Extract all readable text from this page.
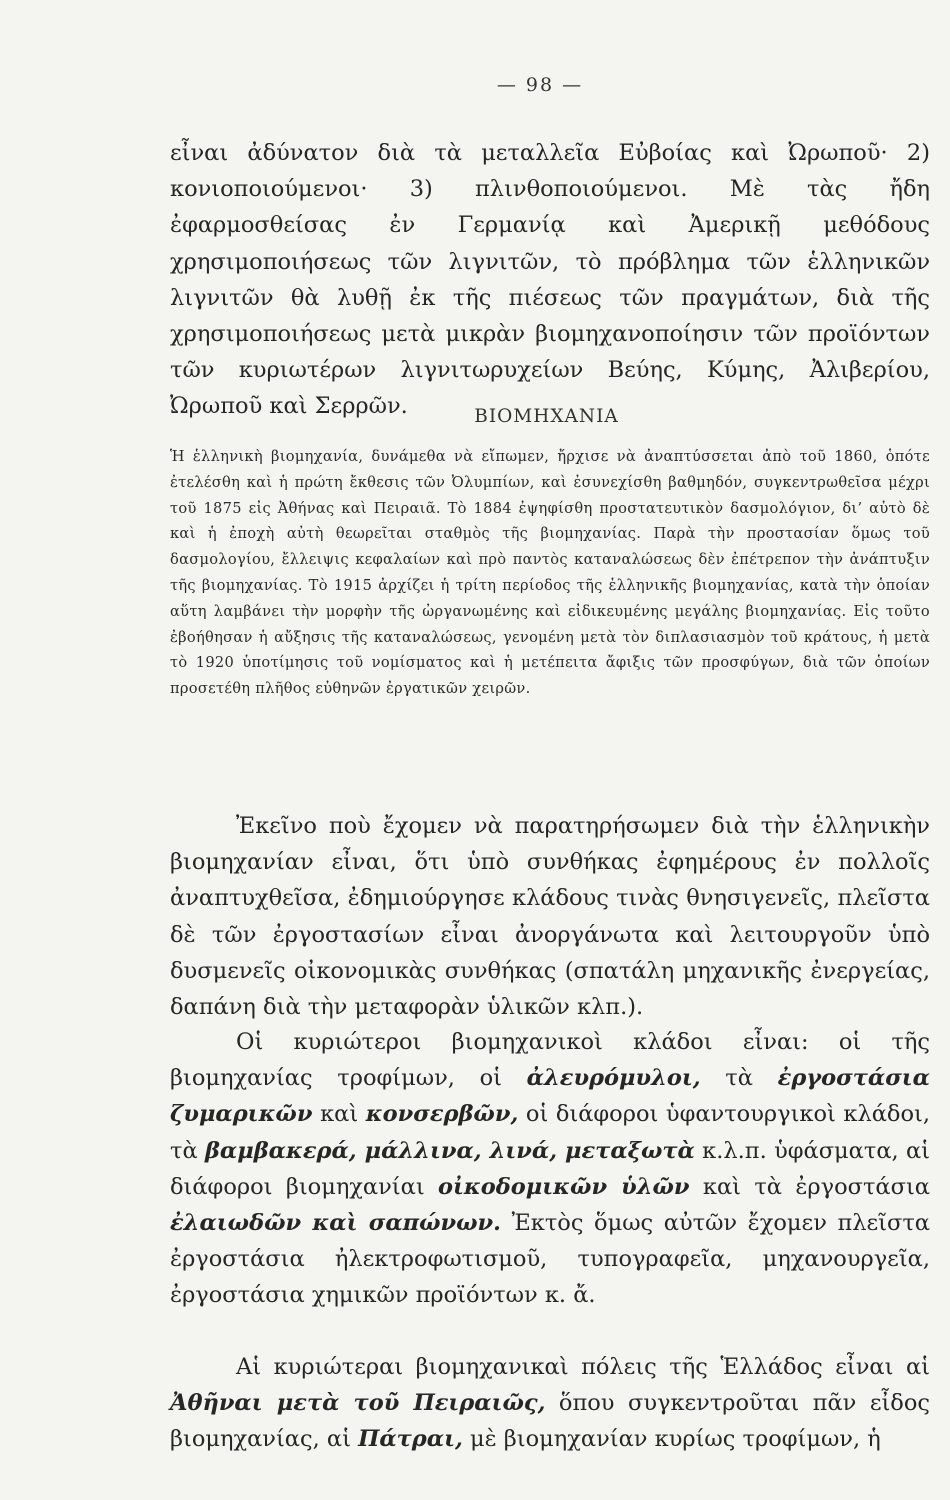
— 98 —

εἶναι ἀδύνατον διὰ τὰ μεταλλεῖα Εὐβοίας καὶ Ὠρωποῦ· 2) κονιοποιούμενοι· 3) πλινθοποιούμενοι. Μὲ τὰς ἤδη ἐφαρμοσθείσας ἐν Γερμανίᾳ καὶ Ἀμερικῇ μεθόδους χρησιμοποιήσεως τῶν λιγνιτῶν, τὸ πρόβλημα τῶν ἑλληνικῶν λιγνιτῶν θὰ λυθῇ ἐκ τῆς πιέσεως τῶν πραγμάτων, διὰ τῆς χρησιμοποιήσεως μετὰ μικρὰν βιομηχανοποίησιν τῶν προϊόντων τῶν κυριωτέρων λιγνιτωρυχείων Βεύης, Κύμης, Ἀλιβερίου, Ὠρωποῦ καὶ Σερρῶν.	ΒΙΟΜΗΧΑΝΙΑ

Ἡ ἑλληνικὴ βιομηχανία, δυνάμεθα νὰ εἴπωμεν, ἤρχισε νὰ ἀναπτύσσεται ἀπὸ τοῦ 1860, ὁπότε ἐτελέσθη καὶ ἡ πρώτη ἔκθεσις τῶν Ὀλυμπίων, καὶ ἐσυνεχίσθη βαθμηδόν, συγκεντρωθεῖσα μέχρι τοῦ 1875 εἰς Ἀθήνας καὶ Πειραιᾶ. Τὸ 1884 ἐψηφίσθη προστατευτικὸν δασμολόγιον, δι’ αὐτὸ δὲ καὶ ἡ ἐποχὴ αὐτὴ θεωρεῖται σταθμὸς τῆς βιομηχανίας. Παρὰ τὴν προστασίαν ὅμως τοῦ δασμολογίου, ἔλλειψις κεφαλαίων καὶ πρὸ παντὸς καταναλώσεως δὲν ἐπέτρεπον τὴν ἀνάπτυξιν τῆς βιομηχανίας. Τὸ 1915 ἀρχίζει ἡ τρίτη περίοδος τῆς ἑλληνικῆς βιομηχανίας, κατὰ τὴν ὁποίαν αὕτη λαμβάνει τὴν μορφὴν τῆς ὠργανωμένης καὶ εἰδικευμένης μεγάλης βιομηχανίας. Εἰς τοῦτο ἐβοήθησαν ἡ αὔξησις τῆς καταναλώσεως, γενομένη μετὰ τὸν διπλασιασμὸν τοῦ κράτους, ἡ μετὰ τὸ 1920 ὑποτίμησις τοῦ νομίσματος καὶ ἡ μετέπειτα ἄφιξις τῶν προσφύγων, διὰ τῶν ὁποίων προσετέθη πλῆθος εὐθηνῶν ἐργατικῶν χειρῶν.

Ἐκεῖνο ποὺ ἔχομεν νὰ παρατηρήσωμεν διὰ τὴν ἑλληνικὴν βιομηχανίαν εἶναι, ὅτι ὑπὸ συνθήκας ἐφημέρους ἐν πολλοῖς ἀναπτυχθεῖσα, ἐδημιούργησε κλάδους τινὰς θνησιγενεῖς, πλεῖστα δὲ τῶν ἐργοστασίων εἶναι ἀνοργάνωτα καὶ λειτουργοῦν ὑπὸ δυσμενεῖς οἰκονομικὰς συνθήκας (σπατάλη μηχανικῆς ἐνεργείας, δαπάνη διὰ τὴν μεταφορὰν ὑλικῶν κλπ.).

Οἱ κυριώτεροι βιομηχανικοὶ κλάδοι εἶναι: οἱ τῆς βιομηχανίας τροφίμων, οἱ ἀλευρόμυλοι, τὰ ἐργοστάσια ζυμαρικῶν καὶ κονσερβῶν, οἱ διάφοροι ὑφαντουργικοὶ κλάδοι, τὰ βαμβακερά, μάλλινα, λινά, μεταξωτὰ κ.λ.π. ὑφάσματα, αἱ διάφοροι βιομηχανίαι οἰκοδομικῶν ὑλῶν καὶ τὰ ἐργοστάσια ἐλαιωδῶν καὶ σαπώνων. Ἐκτὸς ὅμως αὐτῶν ἔχομεν πλεῖστα ἐργοστάσια ἠλεκτροφωτισμοῦ, τυπογραφεῖα, μηχανουργεῖα, ἐργοστάσια χημικῶν προϊόντων κ. ἄ.

Αἱ κυριώτεραι βιομηχανικαὶ πόλεις τῆς Ἑλλάδος εἶναι αἱ Ἀθῆναι μετὰ τοῦ Πειραιῶς, ὅπου συγκεντροῦται πᾶν εἶδος βιομηχανίας, αἱ Πάτραι, μὲ βιομηχανίαν κυρίως τροφίμων, ἡ
